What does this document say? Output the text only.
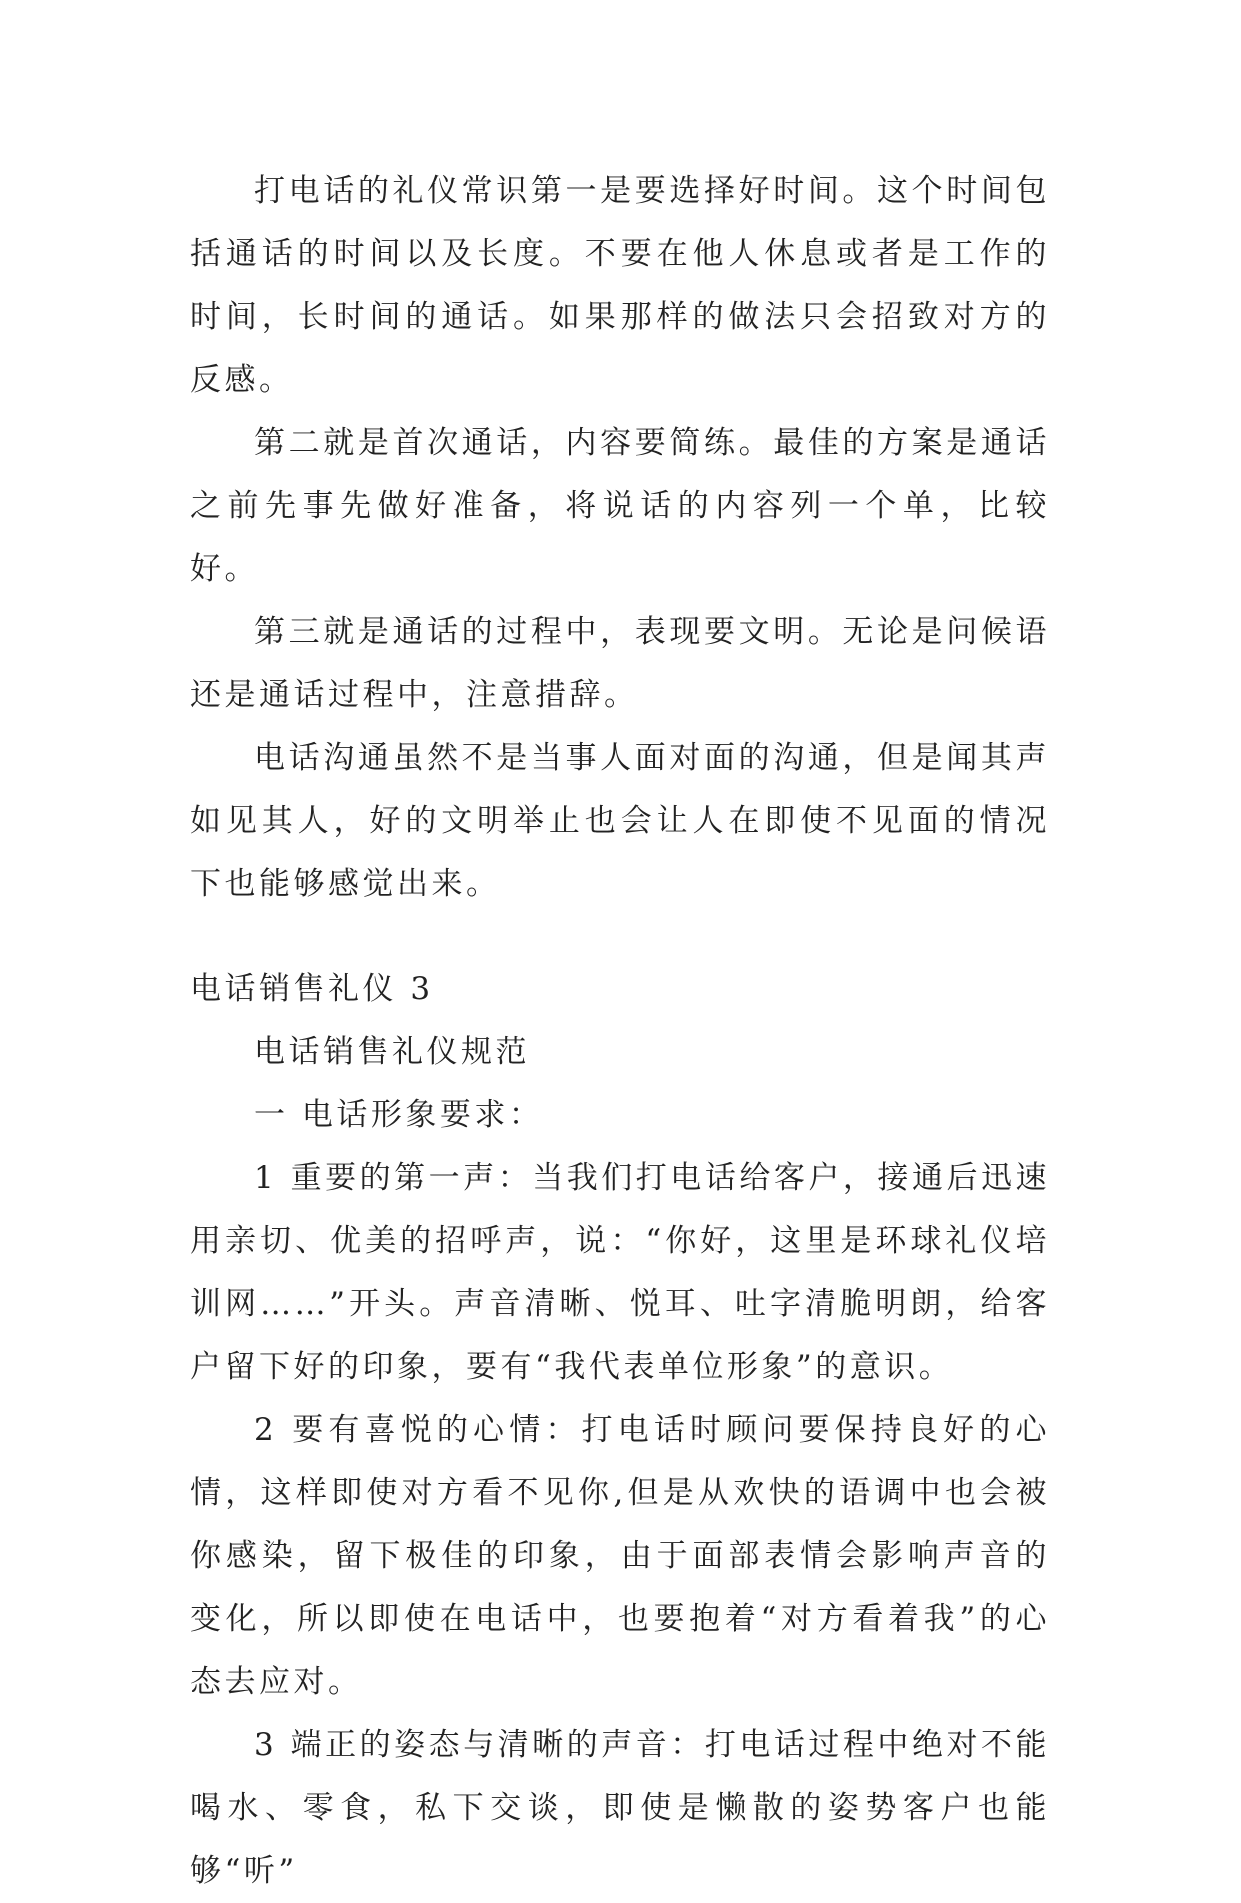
打电话的礼仪常识第一是要选择好时间。这个时间包括通话的时间以及长度。不要在他人休息或者是工作的时间，长时间的通话。如果那样的做法只会招致对方的反感。

第二就是首次通话，内容要简练。最佳的方案是通话之前先事先做好准备，将说话的内容列一个单，比较好。

第三就是通话的过程中，表现要文明。无论是问候语还是通话过程中，注意措辞。

电话沟通虽然不是当事人面对面的沟通，但是闻其声如见其人，好的文明举止也会让人在即使不见面的情况下也能够感觉出来。

电话销售礼仪 3

电话销售礼仪规范

一 电话形象要求：

1 重要的第一声：当我们打电话给客户，接通后迅速用亲切、优美的招呼声，说：“你好，这里是环球礼仪培训网……”开头。声音清晰、悦耳、吐字清脆明朗，给客户留下好的印象，要有“我代表单位形象”的意识。

2 要有喜悦的心情：打电话时顾问要保持良好的心情，这样即使对方看不见你,但是从欢快的语调中也会被你感染，留下极佳的印象，由于面部表情会影响声音的变化，所以即使在电话中，也要抱着“对方看着我”的心态去应对。

3 端正的姿态与清晰的声音：打电话过程中绝对不能喝水、零食，私下交谈，即使是懒散的姿势客户也能够“听”
